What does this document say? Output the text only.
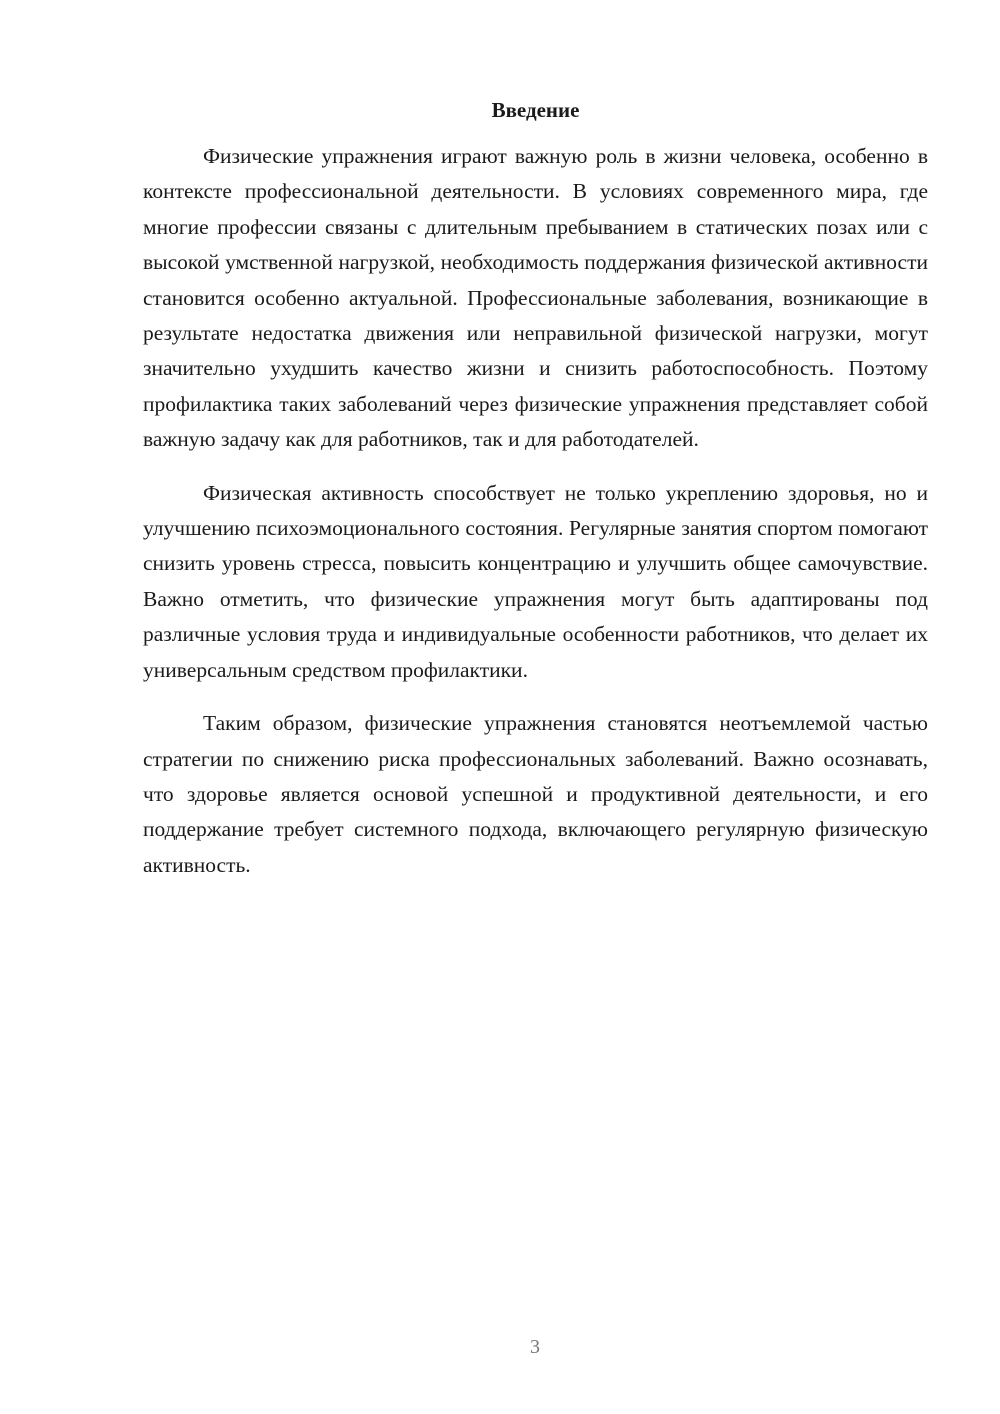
Введение

Физические упражнения играют важную роль в жизни человека, особенно в контексте профессиональной деятельности. В условиях современного мира, где многие профессии связаны с длительным пребыванием в статических позах или с высокой умственной нагрузкой, необходимость поддержания физической активности становится особенно актуальной. Профессиональные заболевания, возникающие в результате недостатка движения или неправильной физической нагрузки, могут значительно ухудшить качество жизни и снизить работоспособность. Поэтому профилактика таких заболеваний через физические упражнения представляет собой важную задачу как для работников, так и для работодателей.

Физическая активность способствует не только укреплению здоровья, но и улучшению психоэмоционального состояния. Регулярные занятия спортом помогают снизить уровень стресса, повысить концентрацию и улучшить общее самочувствие. Важно отметить, что физические упражнения могут быть адаптированы под различные условия труда и индивидуальные особенности работников, что делает их универсальным средством профилактики.

Таким образом, физические упражнения становятся неотъемлемой частью стратегии по снижению риска профессиональных заболеваний. Важно осознавать, что здоровье является основой успешной и продуктивной деятельности, и его поддержание требует системного подхода, включающего регулярную физическую активность.

3
